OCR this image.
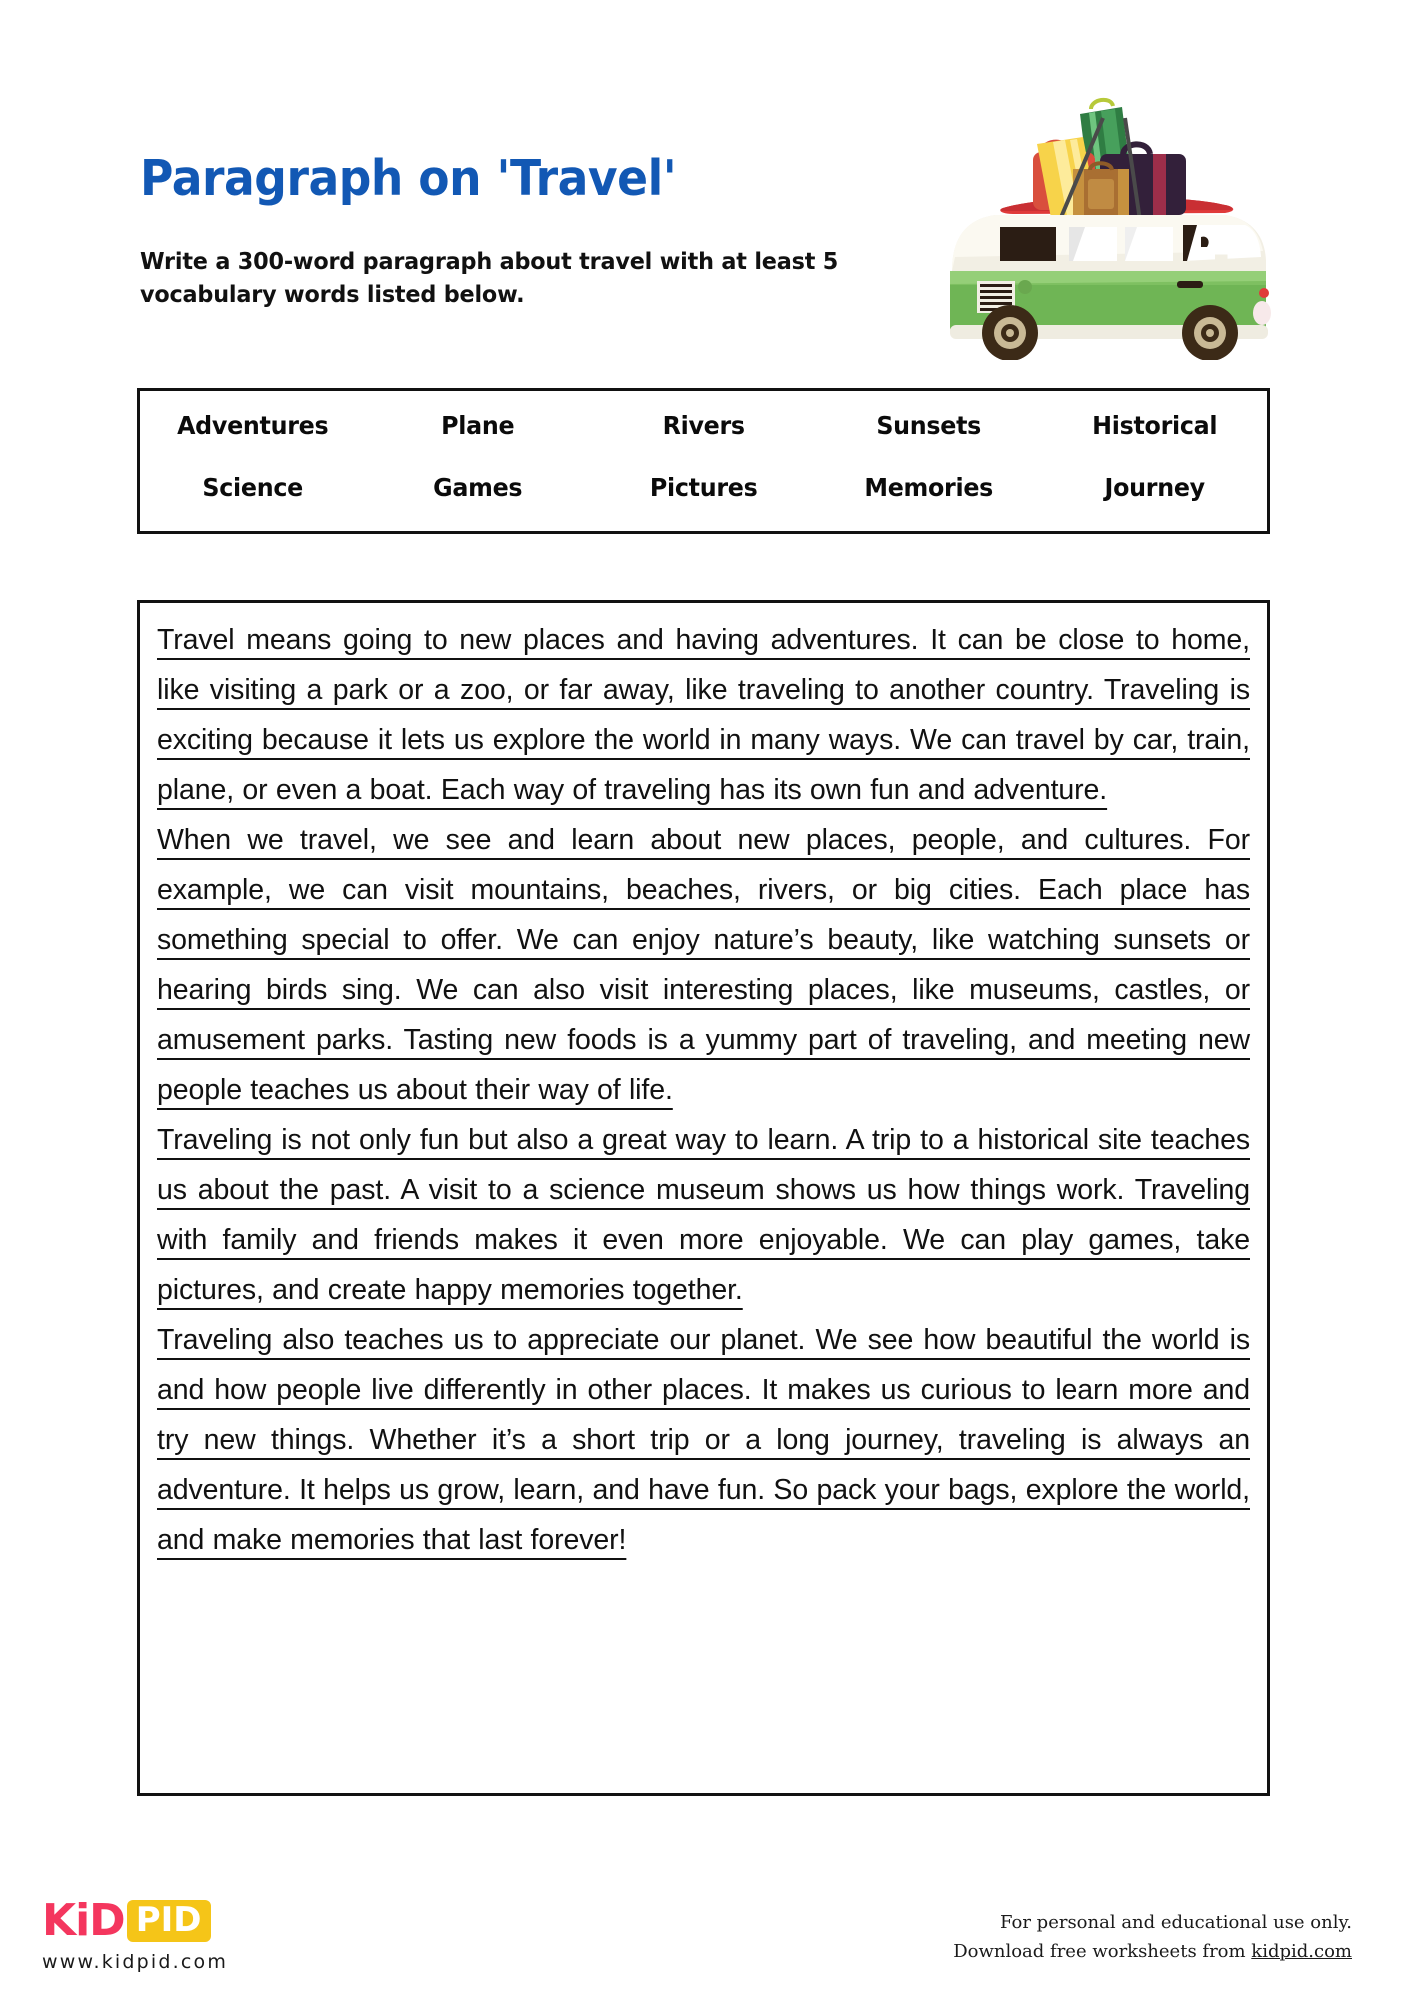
Paragraph on 'Travel'
Write a 300-word paragraph about travel with at least 5 vocabulary words listed below.
Adventures	Plane	Rivers	Sunsets	Historical
Science	Games	Pictures	Memories	Journey

Travel means going to new places and having adventures. It can be close to home, like visiting a park or a zoo, or far away, like traveling to another country. Traveling is exciting because it lets us explore the world in many ways. We can travel by car, train, plane, or even a boat. Each way of traveling has its own fun and adventure.

When we travel, we see and learn about new places, people, and cultures. For example, we can visit mountains, beaches, rivers, or big cities. Each place has something special to offer. We can enjoy nature’s beauty, like watching sunsets or hearing birds sing. We can also visit interesting places, like museums, castles, or amusement parks. Tasting new foods is a yummy part of traveling, and meeting new people teaches us about their way of life.

Traveling is not only fun but also a great way to learn. A trip to a historical site teaches us about the past. A visit to a science museum shows us how things work. Traveling with family and friends makes it even more enjoyable. We can play games, take pictures, and create happy memories together.

Traveling also teaches us to appreciate our planet. We see how beautiful the world is and how people live differently in other places. It makes us curious to learn more and try new things. Whether it’s a short trip or a long journey, traveling is always an adventure. It helps us grow, learn, and have fun. So pack your bags, explore the world, and make memories that last forever!

KiD PID
www.kidpid.com
For personal and educational use only.
Download free worksheets from kidpid.com
